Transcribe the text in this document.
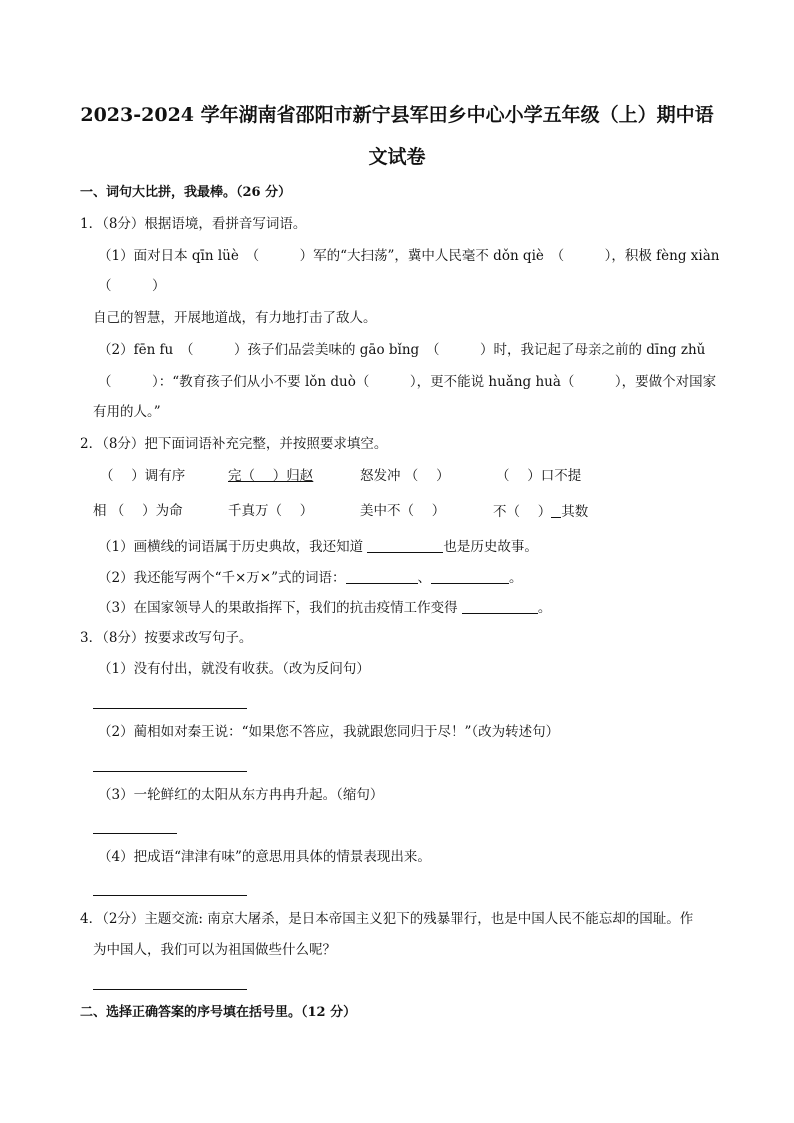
2023-2024 学年湖南省邵阳市新宁县军田乡中心小学五年级（上）期中语
文试卷
一、词句大比拼，我最棒。（26 分）
1．（8分）根据语境，看拼音写词语。
（1）面对日本 qīn lüè　（　　　）军的“大扫荡”，冀中人民毫不 dǒn qiè　（　　　），积极 fèng xiàn
（　　　）
自己的智慧，开展地道战，有力地打击了敌人。
（2）fēn fu　（　　　）孩子们品尝美味的 gāo bǐng　（　　　）时，我记起了母亲之前的 dīng zhǔ
（　　　）：“教育孩子们从小不要 lǒn duò（　　　），更不能说 huǎng huà（　　　），要做个对国家
有用的人。”
2．（8分）把下面词语补充完整，并按照要求填空。
（　 ）调有序	完（　 ）归赵	怒发冲 （　 ）	（　 ）口不提
相 （　 ）为命	千真万（　 ）	美中不（　 ）	不（　 ） 其数
（1）画横线的词语属于历史典故，我还知道	也是历史故事。
（2）我还能写两个“千×万×”式的词语：	、	。
（3）在国家领导人的果敢指挥下，我们的抗击疫情工作变得	。
3．（8分）按要求改写句子。
（1）没有付出，就没有收获。（改为反问句）
（2）蔺相如对秦王说：“如果您不答应，我就跟您同归于尽！”（改为转述句）
（3）一轮鲜红的太阳从东方冉冉升起。（缩句）
（4）把成语“津津有味”的意思用具体的情景表现出来。
4．（2分）主题交流: 南京大屠杀，是日本帝国主义犯下的残暴罪行，也是中国人民不能忘却的国耻。作
为中国人，我们可以为祖国做些什么呢？
二、选择正确答案的序号填在括号里。（12 分）
